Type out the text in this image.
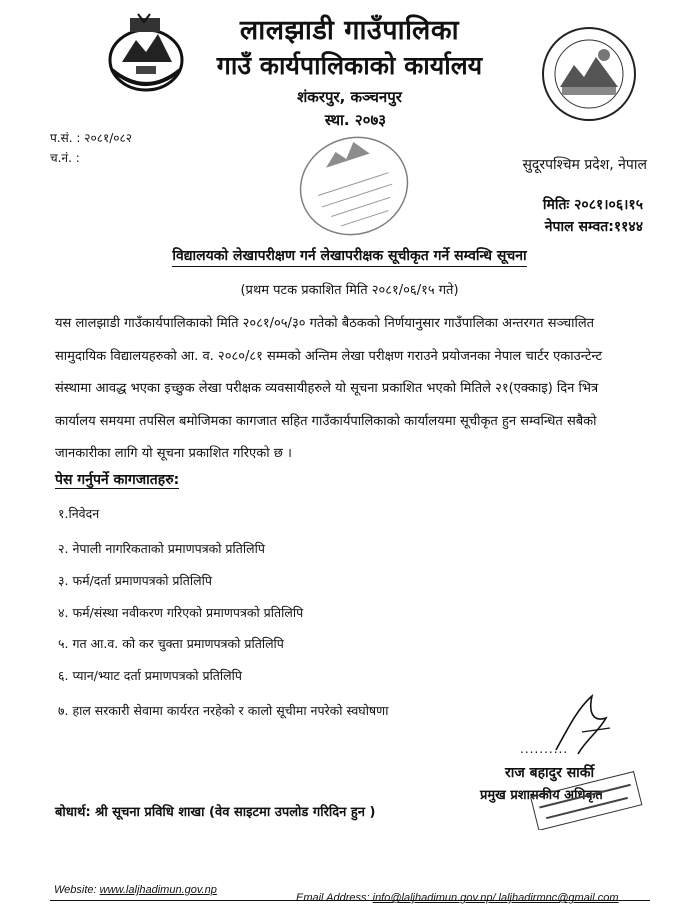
लालझाडी गाउँपालिका
गाउँ कार्यपालिकाको कार्यालय
शंकरपुर, कञ्चनपुर
स्था. २०७३
प.सं. : २०८१/०८२
च.नं. :	सुदूरपश्चिम प्रदेश, नेपाल
मितिः २०८१।०६।१५
नेपाल सम्वत:११४४
विद्यालयको लेखापरीक्षण गर्न लेखापरीक्षक सूचीकृत गर्ने सम्वन्धि सूचना
(प्रथम पटक प्रकाशित मिति २०८१/०६/१५ गते)
यस लालझाडी गाउँकार्यपालिकाको मिति २०८१/०५/३० गतेको बैठकको निर्णयानुसार गाउँपालिका अन्तरगत सञ्चालित
सामुदायिक विद्यालयहरुको आ. व. २०८०/८१ सम्मको अन्तिम लेखा परीक्षण गराउने प्रयोजनका नेपाल चार्टर एकाउन्टेन्ट
संस्थामा आवद्ध भएका इच्छुक लेखा परीक्षक व्यवसायीहरुले यो सूचना प्रकाशित भएको मितिले २१(एक्काइ) दिन भित्र
कार्यालय समयमा तपसिल बमोजिमका कागजात सहित गाउँकार्यपालिकाको कार्यालयमा सूचीकृत हुन सम्वन्धित सबैको
जानकारीका लागि यो सूचना प्रकाशित गरिएको छ ।
पेस गर्नुपर्ने कागजातहरु:
१.निवेदन
२. नेपाली नागरिकताको प्रमाणपत्रको प्रतिलिपि
३. फर्म/दर्ता प्रमाणपत्रको प्रतिलिपि
४. फर्म/संस्था नवीकरण गरिएको प्रमाणपत्रको प्रतिलिपि
५. गत आ.व. को कर चुक्ता प्रमाणपत्रको प्रतिलिपि
६. प्यान/भ्याट दर्ता प्रमाणपत्रको प्रतिलिपि
७. हाल सरकारी सेवामा कार्यरत नरहेको र कालो सूचीमा नपरेको स्वघोषणा
..........
राज बहादुर सार्की
प्रमुख प्रशासकीय अधिकृत
बोधार्थ: श्री सूचना प्रविधि शाखा (वेव साइटमा उपलोड गरिदिन हुन )
Website: www.laljhadimun.gov.np
Email Address: info@laljhadimun.gov.np/ laljhadirmnc@gmail.com
